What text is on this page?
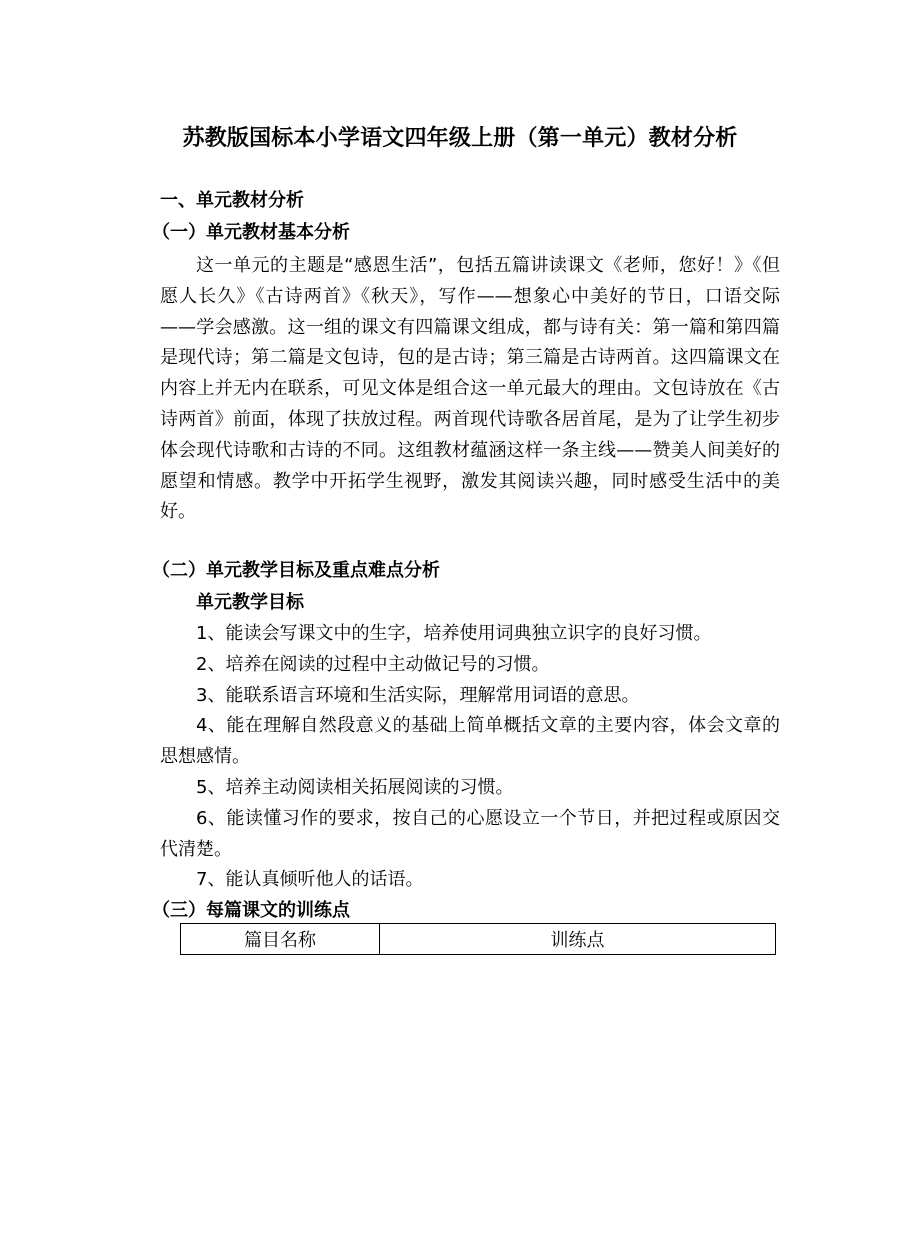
苏教版国标本小学语文四年级上册（第一单元）教材分析
一、单元教材分析
（一）单元教材基本分析
这一单元的主题是“感恩生活”，包括五篇讲读课文《老师，您好！》《但愿人长久》《古诗两首》《秋天》，写作——想象心中美好的节日，口语交际——学会感激。这一组的课文有四篇课文组成，都与诗有关：第一篇和第四篇是现代诗；第二篇是文包诗，包的是古诗；第三篇是古诗两首。这四篇课文在内容上并无内在联系，可见文体是组合这一单元最大的理由。文包诗放在《古诗两首》前面，体现了扶放过程。两首现代诗歌各居首尾，是为了让学生初步体会现代诗歌和古诗的不同。这组教材蕴涵这样一条主线——赞美人间美好的愿望和情感。教学中开拓学生视野，激发其阅读兴趣，同时感受生活中的美好。
（二）单元教学目标及重点难点分析
单元教学目标

1、能读会写课文中的生字，培养使用词典独立识字的良好习惯。

2、培养在阅读的过程中主动做记号的习惯。

3、能联系语言环境和生活实际，理解常用词语的意思。

4、能在理解自然段意义的基础上简单概括文章的主要内容，体会文章的思想感情。

5、培养主动阅读相关拓展阅读的习惯。

6、能读懂习作的要求，按自己的心愿设立一个节日，并把过程或原因交代清楚。

7、能认真倾听他人的话语。

（三）每篇课文的训练点
篇目名称	训练点
